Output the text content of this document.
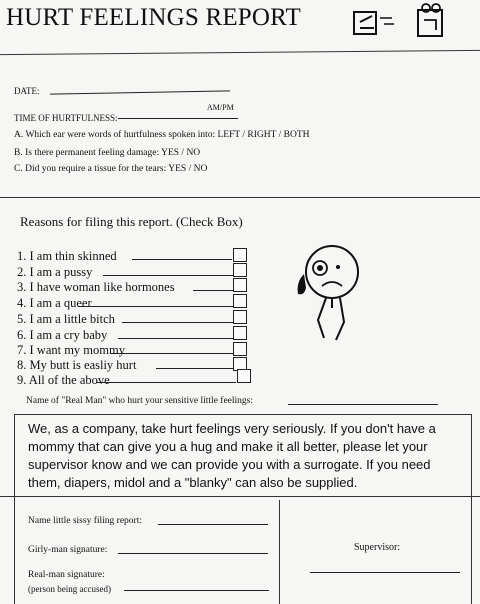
HURT FEELINGS REPORT
DATE:
TIME OF HURTFULNESS:
AM/PM
A. Which ear were words of hurtfulness spoken into: LEFT / RIGHT / BOTH
B. Is there permanent feeling damage: YES / NO
C. Did you require a tissue for the tears: YES / NO
Reasons for filing this report. (Check Box)
1. I am thin skinned
2. I am a pussy
3. I have woman like hormones
4. I am a queer
5. I am a little bitch
6. I am a cry baby
7. I want my mommy
8. My butt is easliy hurt
9. All of the above
Name of "Real Man" who hurt your sensitive little feelings:
We, as a company, take hurt feelings very seriously. If you don't have a mommy that can give you a hug and make it all better, please let your supervisor know and we can provide you with a surrogate. If you need them, diapers, midol and a "blanky" can also be supplied.
Name little sissy filing report:
Girly-man signature:
Real-man signature:
(person being accused)
Supervisor:
